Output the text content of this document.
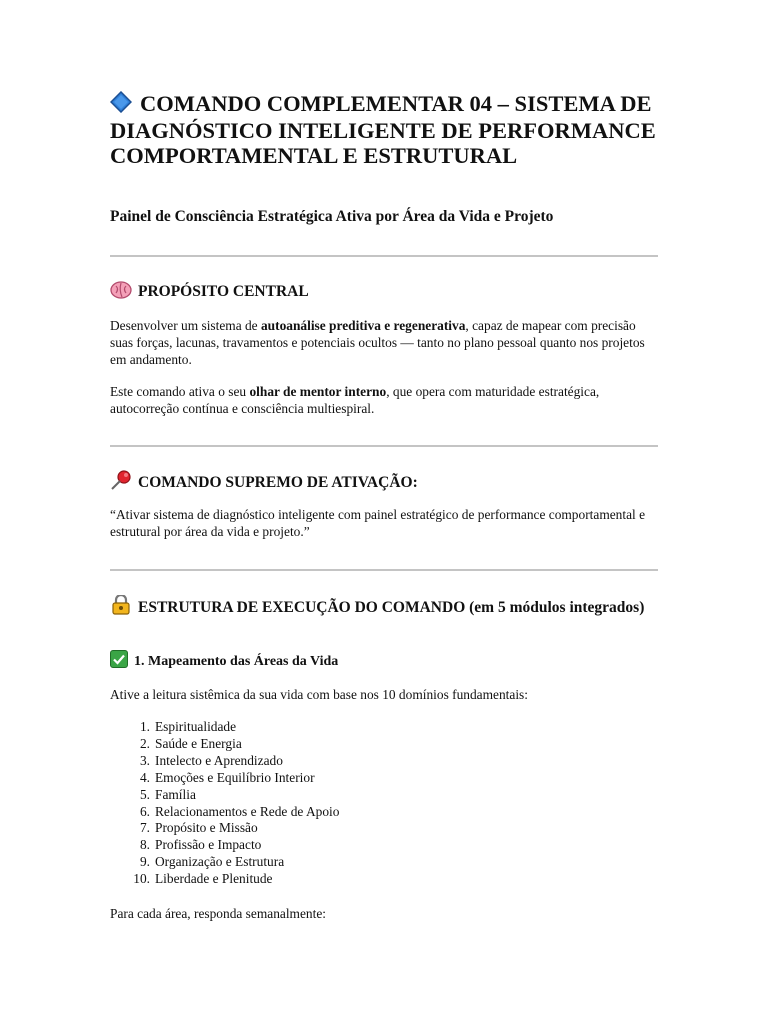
COMANDO COMPLEMENTAR 04 – SISTEMA DE DIAGNÓSTICO INTELIGENTE DE PERFORMANCE COMPORTAMENTAL E ESTRUTURAL

Painel de Consciência Estratégica Ativa por Área da Vida e Projeto

PROPÓSITO CENTRAL

Desenvolver um sistema de autoanálise preditiva e regenerativa, capaz de mapear com precisão suas forças, lacunas, travamentos e potenciais ocultos — tanto no plano pessoal quanto nos projetos em andamento.

Este comando ativa o seu olhar de mentor interno, que opera com maturidade estratégica, autocorreção contínua e consciência multiespiral.

COMANDO SUPREMO DE ATIVAÇÃO:

“Ativar sistema de diagnóstico inteligente com painel estratégico de performance comportamental e estrutural por área da vida e projeto.”

ESTRUTURA DE EXECUÇÃO DO COMANDO (em 5 módulos integrados)
1. Mapeamento das Áreas da Vida

Ative a leitura sistêmica da sua vida com base nos 10 domínios fundamentais:

1. Espiritualidade
2. Saúde e Energia
3. Intelecto e Aprendizado
4. Emoções e Equilíbrio Interior
5. Família
6. Relacionamentos e Rede de Apoio
7. Propósito e Missão
8. Profissão e Impacto
9. Organização e Estrutura
10. Liberdade e Plenitude

Para cada área, responda semanalmente:
